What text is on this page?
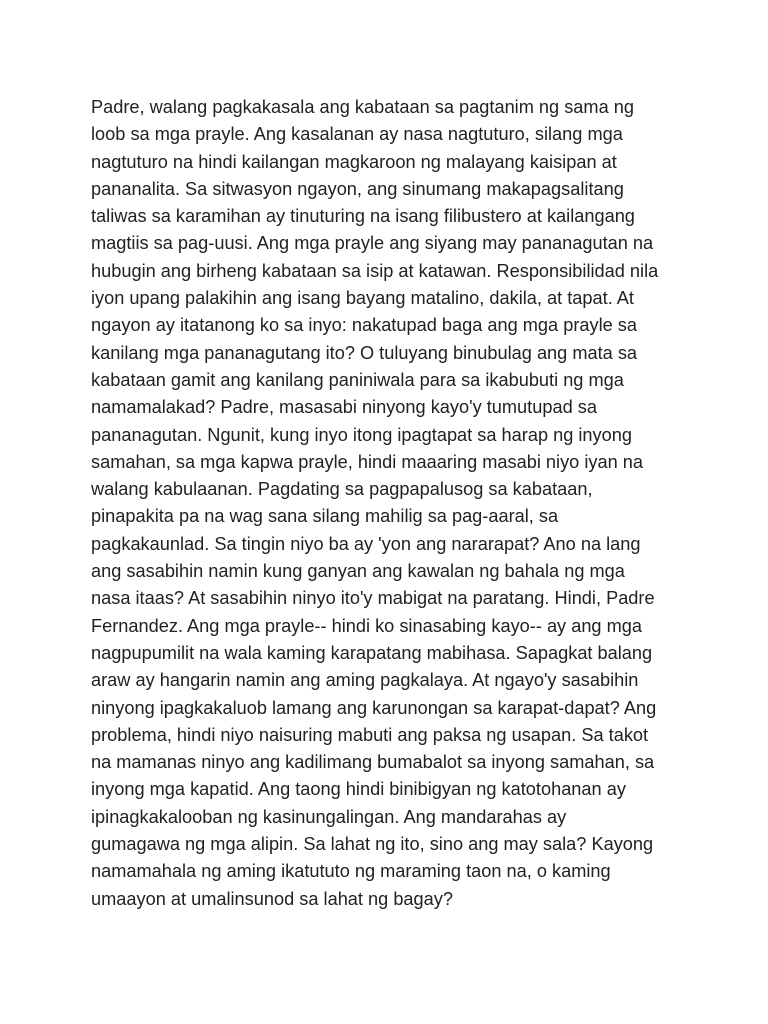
Padre, walang pagkakasala ang kabataan sa pagtanim ng sama ng
loob sa mga prayle. Ang kasalanan ay nasa nagtuturo, silang mga
nagtuturo na hindi kailangan magkaroon ng malayang kaisipan at
pananalita. Sa sitwasyon ngayon, ang sinumang makapagsalitang
taliwas sa karamihan ay tinuturing na isang filibustero at kailangang
magtiis sa pag-uusi. Ang mga prayle ang siyang may pananagutan na
hubugin ang birheng kabataan sa isip at katawan. Responsibilidad nila
iyon upang palakihin ang isang bayang matalino, dakila, at tapat. At
ngayon ay itatanong ko sa inyo: nakatupad baga ang mga prayle sa
kanilang mga pananagutang ito? O tuluyang binubulag ang mata sa
kabataan gamit ang kanilang paniniwala para sa ikabubuti ng mga
namamalakad? Padre, masasabi ninyong kayo'y tumutupad sa
pananagutan. Ngunit, kung inyo itong ipagtapat sa harap ng inyong
samahan, sa mga kapwa prayle, hindi maaaring masabi niyo iyan na
walang kabulaanan. Pagdating sa pagpapalusog sa kabataan,
pinapakita pa na wag sana silang mahilig sa pag-aaral, sa
pagkakaunlad. Sa tingin niyo ba ay 'yon ang nararapat? Ano na lang
ang sasabihin namin kung ganyan ang kawalan ng bahala ng mga
nasa itaas? At sasabihin ninyo ito'y mabigat na paratang. Hindi, Padre
Fernandez. Ang mga prayle-- hindi ko sinasabing kayo-- ay ang mga
nagpupumilit na wala kaming karapatang mabihasa. Sapagkat balang
araw ay hangarin namin ang aming pagkalaya. At ngayo'y sasabihin
ninyong ipagkakaluob lamang ang karunongan sa karapat-dapat? Ang
problema, hindi niyo naisuring mabuti ang paksa ng usapan. Sa takot
na mamanas ninyo ang kadilimang bumabalot sa inyong samahan, sa
inyong mga kapatid. Ang taong hindi binibigyan ng katotohanan ay
ipinagkakalooban ng kasinungalingan. Ang mandarahas ay
gumagawa ng mga alipin. Sa lahat ng ito, sino ang may sala? Kayong
namamahala ng aming ikatututo ng maraming taon na, o kaming
umaayon at umalinsunod sa lahat ng bagay?
